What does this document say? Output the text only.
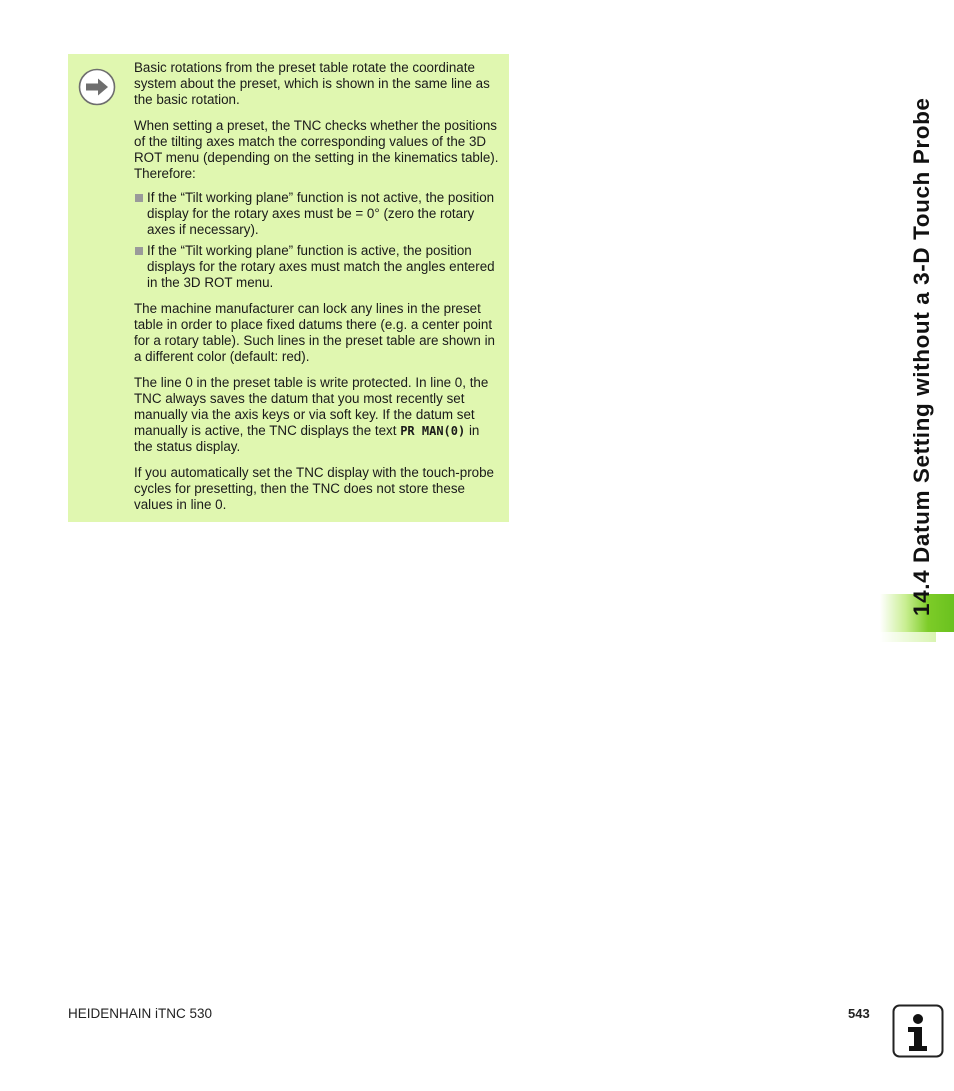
Basic rotations from the preset table rotate the coordinate system about the preset, which is shown in the same line as the basic rotation.

When setting a preset, the TNC checks whether the positions of the tilting axes match the corresponding values of the 3D ROT menu (depending on the setting in the kinematics table). Therefore:

If the “Tilt working plane” function is not active, the position display for the rotary axes must be = 0° (zero the rotary axes if necessary).
If the “Tilt working plane” function is active, the position displays for the rotary axes must match the angles entered in the 3D ROT menu.

The machine manufacturer can lock any lines in the preset table in order to place fixed datums there (e.g. a center point for a rotary table). Such lines in the preset table are shown in a different color (default: red).

The line 0 in the preset table is write protected. In line 0, the TNC always saves the datum that you most recently set manually via the axis keys or via soft key. If the datum set manually is active, the TNC displays the text PR MAN(0) in the status display.

If you automatically set the TNC display with the touch-probe cycles for presetting, then the TNC does not store these values in line 0.	14.4 Datum Setting without a 3-D Touch Probe
HEIDENHAIN iTNC 530	543
